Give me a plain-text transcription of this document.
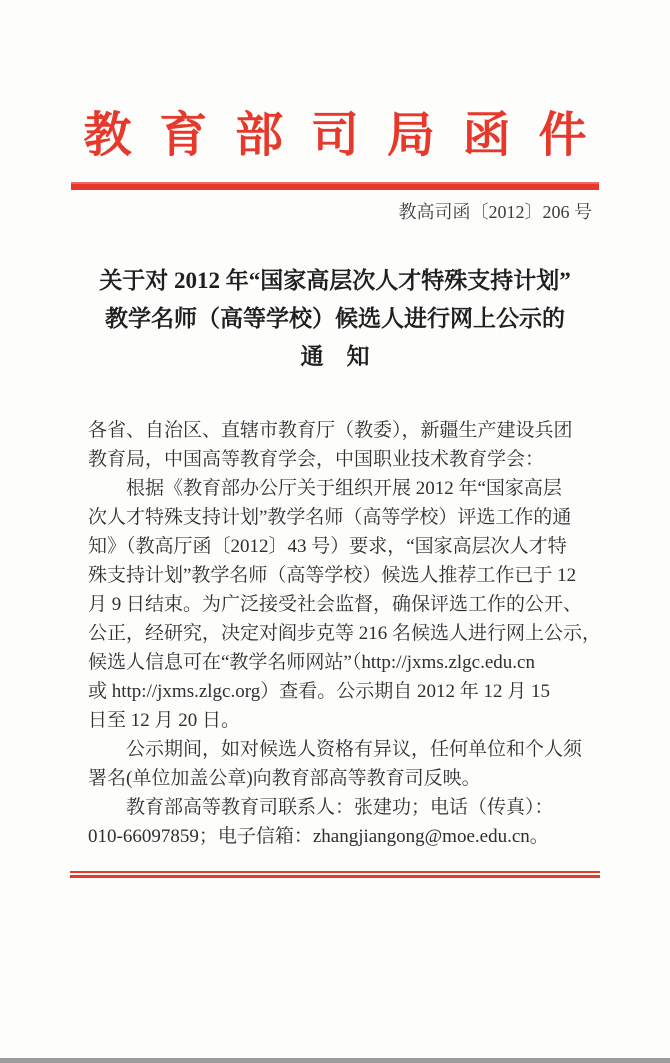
教育部司局函件
教高司函〔2012〕206 号
关于对 2012 年“国家高层次人才特殊支持计划”
教学名师（高等学校）候选人进行网上公示的
通　知
各省、自治区、直辖市教育厅（教委），新疆生产建设兵团
教育局，中国高等教育学会，中国职业技术教育学会：
根据《教育部办公厅关于组织开展 2012 年“国家高层
次人才特殊支持计划”教学名师（高等学校）评选工作的通
知》（教高厅函〔2012〕43 号）要求，“国家高层次人才特
殊支持计划”教学名师（高等学校）候选人推荐工作已于 12
月 9 日结束。为广泛接受社会监督，确保评选工作的公开、
公正，经研究，决定对阎步克等 216 名候选人进行网上公示，
候选人信息可在“教学名师网站”（http://jxms.zlgc.edu.cn
或 http://jxms.zlgc.org）查看。公示期自 2012 年 12 月 15
日至 12 月 20 日。
公示期间，如对候选人资格有异议，任何单位和个人须
署名(单位加盖公章)向教育部高等教育司反映。
教育部高等教育司联系人：张建功；电话（传真）：
010-66097859；电子信箱：zhangjiangong@moe.edu.cn。
